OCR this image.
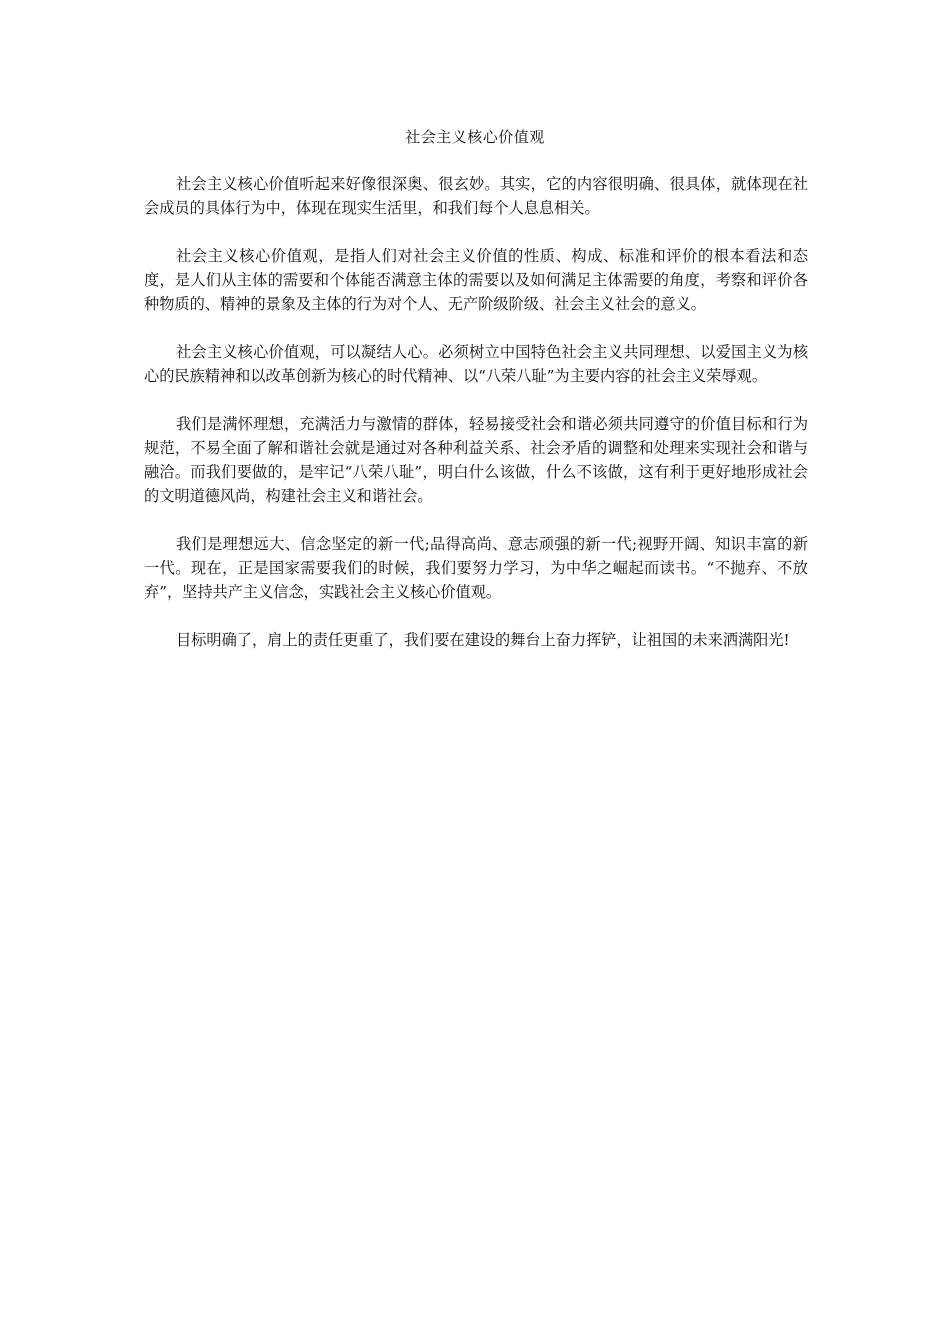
社会主义核心价值观

社会主义核心价值听起来好像很深奥、很玄妙。其实，它的内容很明确、很具体，就体现在社会成员的具体行为中，体现在现实生活里，和我们每个人息息相关。

社会主义核心价值观，是指人们对社会主义价值的性质、构成、标准和评价的根本看法和态度，是人们从主体的需要和个体能否满意主体的需要以及如何满足主体需要的角度，考察和评价各种物质的、精神的景象及主体的行为对个人、无产阶级阶级、社会主义社会的意义。

社会主义核心价值观，可以凝结人心。必须树立中国特色社会主义共同理想、以爱国主义为核心的民族精神和以改革创新为核心的时代精神、以“八荣八耻”为主要内容的社会主义荣辱观。

我们是满怀理想，充满活力与激情的群体，轻易接受社会和谐必须共同遵守的价值目标和行为规范，不易全面了解和谐社会就是通过对各种利益关系、社会矛盾的调整和处理来实现社会和谐与融洽。而我们要做的，是牢记“八荣八耻”，明白什么该做，什么不该做，这有利于更好地形成社会的文明道德风尚，构建社会主义和谐社会。

我们是理想远大、信念坚定的新一代;品得高尚、意志顽强的新一代;视野开阔、知识丰富的新一代。现在，正是国家需要我们的时候，我们要努力学习，为中华之崛起而读书。“不抛弃、不放弃”，坚持共产主义信念，实践社会主义核心价值观。

目标明确了，肩上的责任更重了，我们要在建设的舞台上奋力挥铲，让祖国的未来洒满阳光!
